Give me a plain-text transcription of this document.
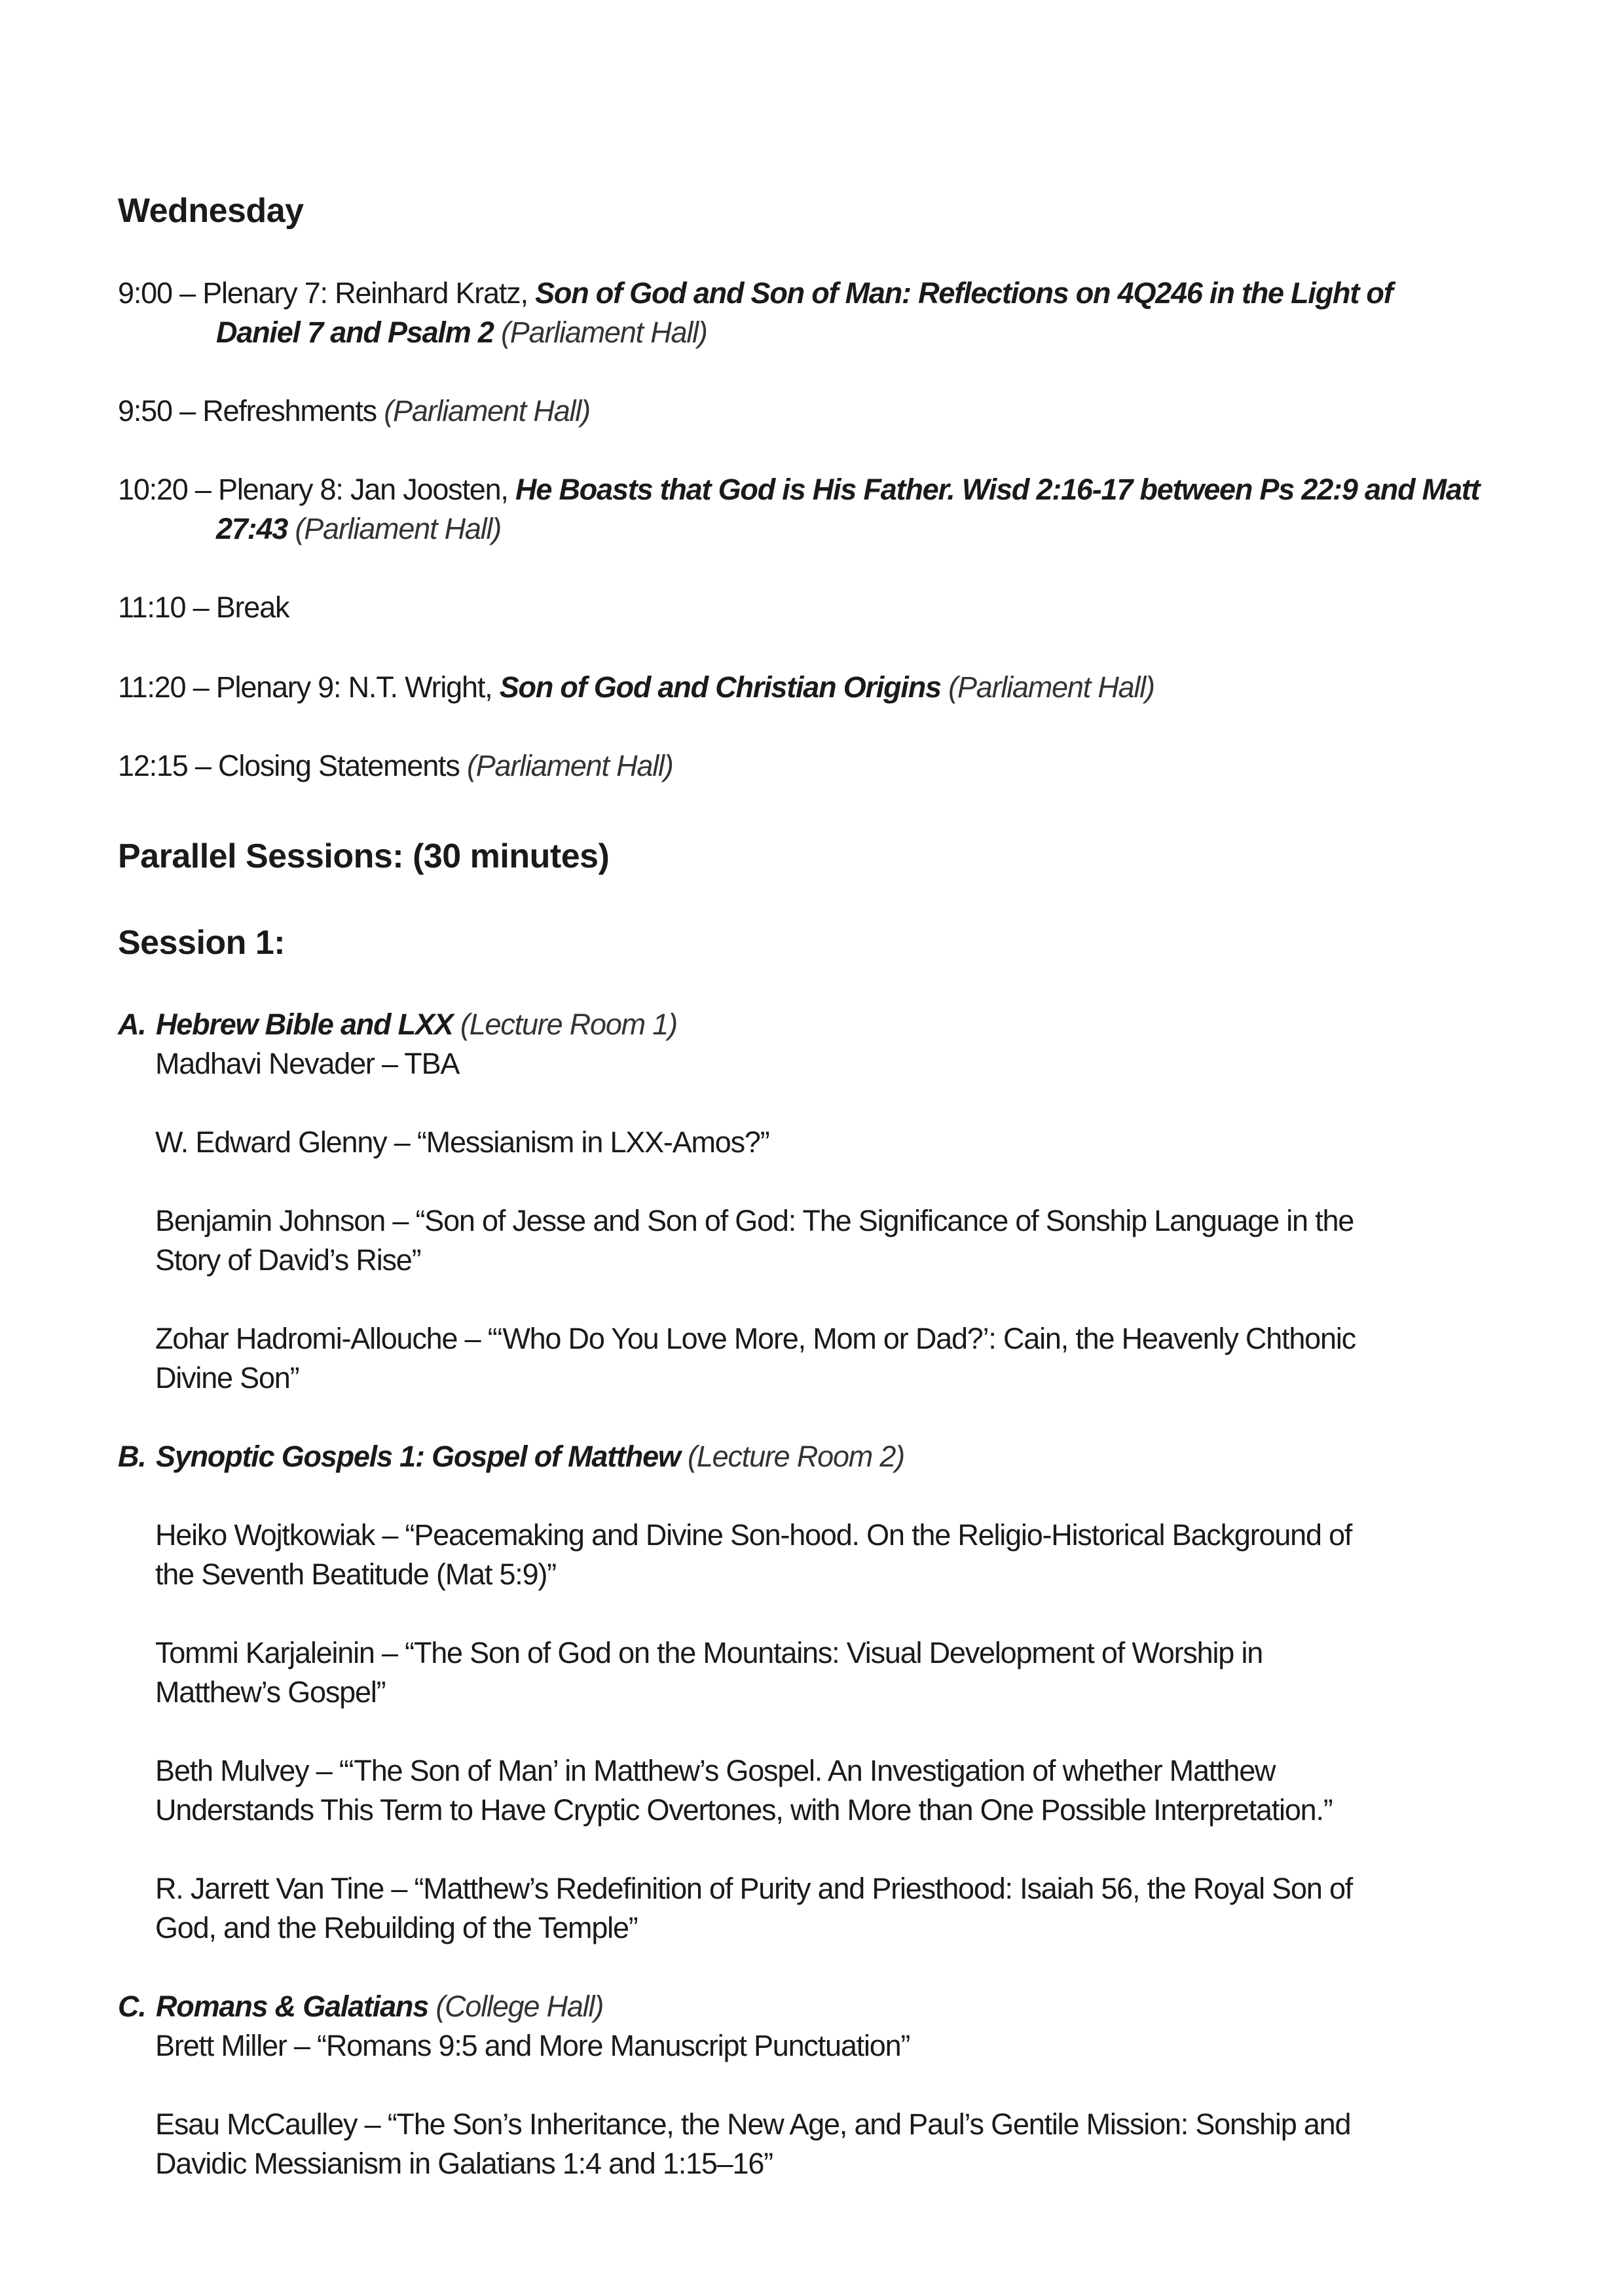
Wednesday
9:00 – Plenary 7: Reinhard Kratz, Son of God and Son of Man: Reflections on 4Q246 in the Light of
Daniel 7 and Psalm 2 (Parliament Hall)
9:50 – Refreshments (Parliament Hall)
10:20 – Plenary 8: Jan Joosten, He Boasts that God is His Father. Wisd 2:16-17 between Ps 22:9 and Matt
27:43 (Parliament Hall)
11:10 – Break
11:20 – Plenary 9: N.T. Wright, Son of God and Christian Origins (Parliament Hall)
12:15 – Closing Statements (Parliament Hall)
Parallel Sessions: (30 minutes)
Session 1:
A. Hebrew Bible and LXX (Lecture Room 1)
Madhavi Nevader – TBA
W. Edward Glenny – “Messianism in LXX-Amos?”
Benjamin Johnson – “Son of Jesse and Son of God: The Significance of Sonship Language in the
Story of David’s Rise”
Zohar Hadromi-Allouche – “‘Who Do You Love More, Mom or Dad?’: Cain, the Heavenly Chthonic
Divine Son”
B. Synoptic Gospels 1: Gospel of Matthew (Lecture Room 2)
Heiko Wojtkowiak – “Peacemaking and Divine Son-hood. On the Religio-Historical Background of
the Seventh Beatitude (Mat 5:9)”
Tommi Karjaleinin – “The Son of God on the Mountains: Visual Development of Worship in
Matthew’s Gospel”
Beth Mulvey – “‘The Son of Man’ in Matthew’s Gospel. An Investigation of whether Matthew
Understands This Term to Have Cryptic Overtones, with More than One Possible Interpretation.”
R. Jarrett Van Tine – “Matthew’s Redefinition of Purity and Priesthood: Isaiah 56, the Royal Son of
God, and the Rebuilding of the Temple”
C. Romans & Galatians (College Hall)
Brett Miller – “Romans 9:5 and More Manuscript Punctuation”
Esau McCaulley – “The Son’s Inheritance, the New Age, and Paul’s Gentile Mission: Sonship and
Davidic Messianism in Galatians 1:4 and 1:15–16”
